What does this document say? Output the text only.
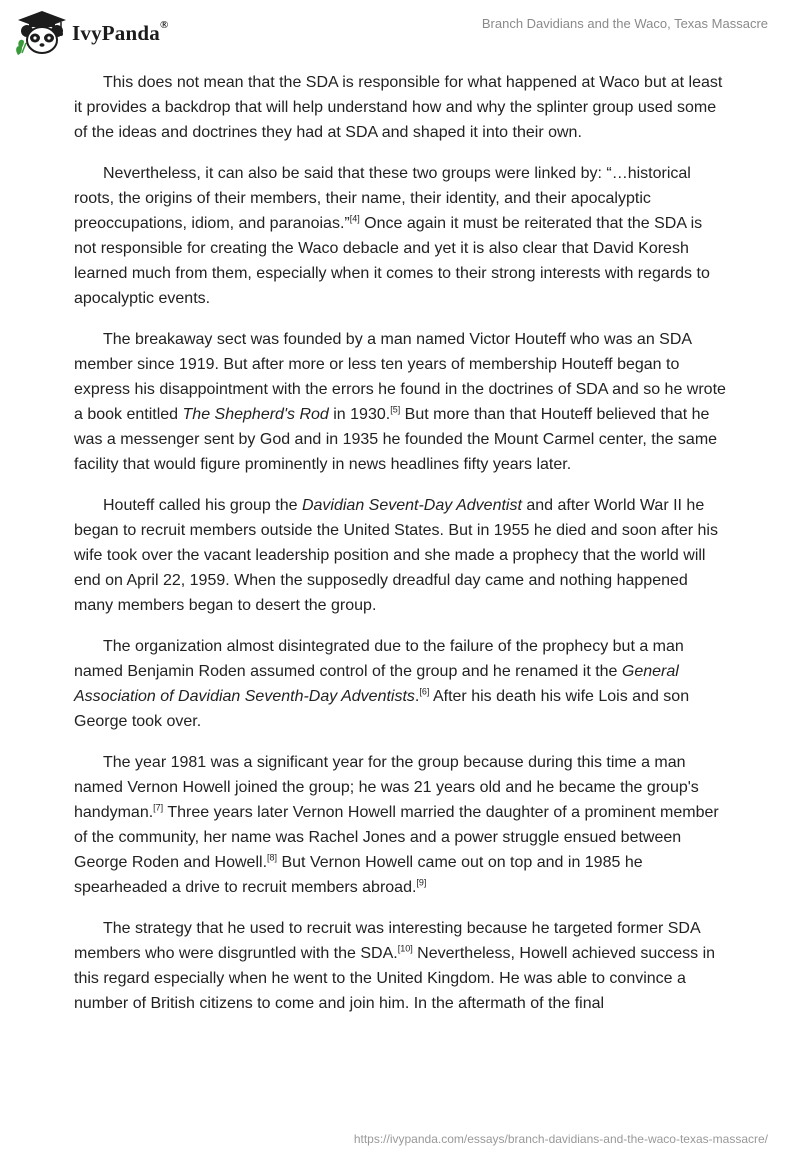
IvyPanda®	Branch Davidians and the Waco, Texas Massacre

This does not mean that the SDA is responsible for what happened at Waco but at least it provides a backdrop that will help understand how and why the splinter group used some of the ideas and doctrines they had at SDA and shaped it into their own.

Nevertheless, it can also be said that these two groups were linked by: “…historical roots, the origins of their members, their name, their identity, and their apocalyptic preoccupations, idiom, and paranoias.”[4] Once again it must be reiterated that the SDA is not responsible for creating the Waco debacle and yet it is also clear that David Koresh learned much from them, especially when it comes to their strong interests with regards to apocalyptic events.

The breakaway sect was founded by a man named Victor Houteff who was an SDA member since 1919. But after more or less ten years of membership Houteff began to express his disappointment with the errors he found in the doctrines of SDA and so he wrote a book entitled The Shepherd's Rod in 1930.[5] But more than that Houteff believed that he was a messenger sent by God and in 1935 he founded the Mount Carmel center, the same facility that would figure prominently in news headlines fifty years later.

Houteff called his group the Davidian Sevent-Day Adventist and after World War II he began to recruit members outside the United States. But in 1955 he died and soon after his wife took over the vacant leadership position and she made a prophecy that the world will end on April 22, 1959. When the supposedly dreadful day came and nothing happened many members began to desert the group.

The organization almost disintegrated due to the failure of the prophecy but a man named Benjamin Roden assumed control of the group and he renamed it the General Association of Davidian Seventh-Day Adventists.[6] After his death his wife Lois and son George took over.

The year 1981 was a significant year for the group because during this time a man named Vernon Howell joined the group; he was 21 years old and he became the group's handyman.[7] Three years later Vernon Howell married the daughter of a prominent member of the community, her name was Rachel Jones and a power struggle ensued between George Roden and Howell.[8] But Vernon Howell came out on top and in 1985 he spearheaded a drive to recruit members abroad.[9]

The strategy that he used to recruit was interesting because he targeted former SDA members who were disgruntled with the SDA.[10] Nevertheless, Howell achieved success in this regard especially when he went to the United Kingdom. He was able to convince a number of British citizens to come and join him. In the aftermath of the final

https://ivypanda.com/essays/branch-davidians-and-the-waco-texas-massacre/
